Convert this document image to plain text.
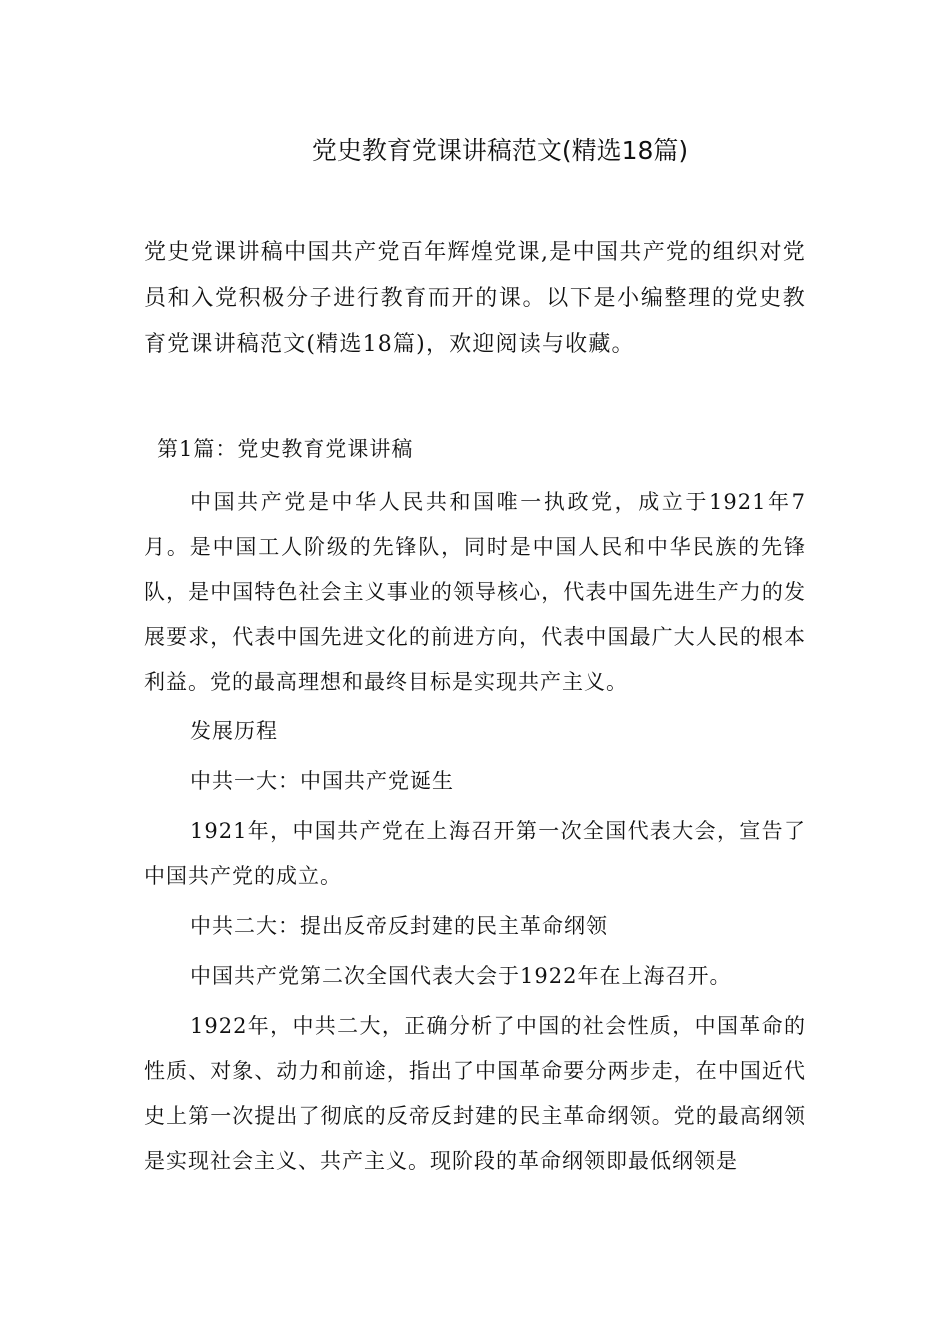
党史教育党课讲稿范文(精选18篇)
党史党课讲稿中国共产党百年辉煌党课,是中国共产党的组织对党员和入党积极分子进行教育而开的课。以下是小编整理的党史教育党课讲稿范文(精选18篇)，欢迎阅读与收藏。
第1篇：党史教育党课讲稿

中国共产党是中华人民共和国唯一执政党，成立于1921年7月。是中国工人阶级的先锋队，同时是中国人民和中华民族的先锋队，是中国特色社会主义事业的领导核心，代表中国先进生产力的发展要求，代表中国先进文化的前进方向，代表中国最广大人民的根本利益。党的最高理想和最终目标是实现共产主义。

发展历程

中共一大：中国共产党诞生

1921年，中国共产党在上海召开第一次全国代表大会，宣告了中国共产党的成立。

中共二大：提出反帝反封建的民主革命纲领

中国共产党第二次全国代表大会于1922年在上海召开。

1922年，中共二大，正确分析了中国的社会性质，中国革命的性质、对象、动力和前途，指出了中国革命要分两步走，在中国近代史上第一次提出了彻底的反帝反封建的民主革命纲领。党的最高纲领是实现社会主义、共产主义。现阶段的革命纲领即最低纲领是
